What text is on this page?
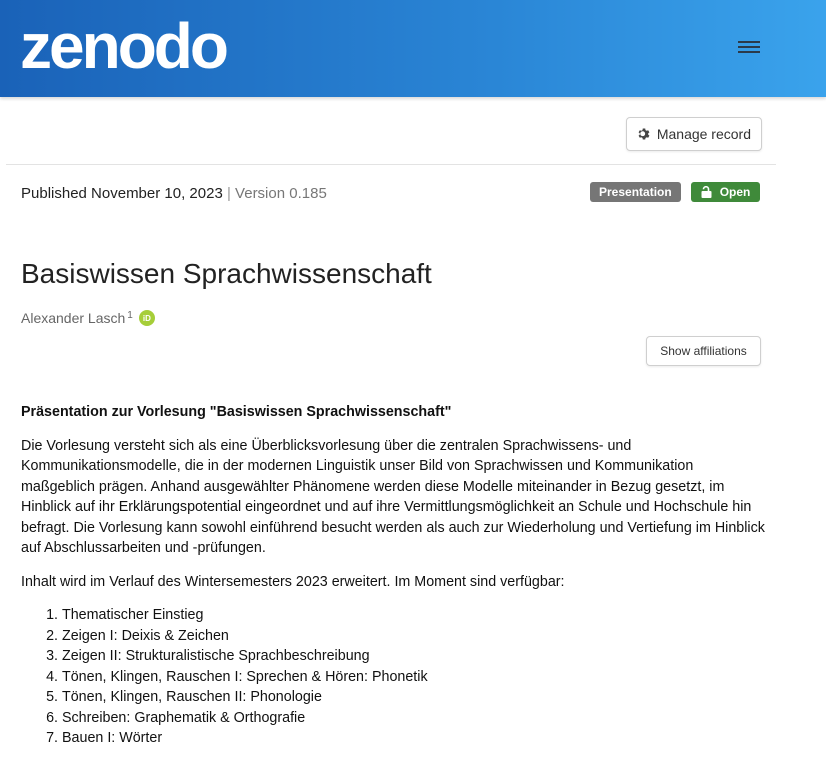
zenodo
Manage record
Published November 10, 2023 | Version 0.185	Presentation	Open
Basiswissen Sprachwissenschaft
Alexander Lasch$^1$	iD
Show affiliations

Präsentation zur Vorlesung "Basiswissen Sprachwissenschaft"

Die Vorlesung versteht sich als eine Überblicksvorlesung über die zentralen Sprachwissens- und Kommunikationsmodelle, die in der modernen Linguistik unser Bild von Sprachwissen und Kommunikation maßgeblich prägen. Anhand ausgewählter Phänomene werden diese Modelle miteinander in Bezug gesetzt, im Hinblick auf ihr Erklärungspotential eingeordnet und auf ihre Vermittlungsmöglichkeit an Schule und Hochschule hin befragt. Die Vorlesung kann sowohl einführend besucht werden als auch zur Wiederholung und Vertiefung im Hinblick auf Abschlussarbeiten und -prüfungen.

Inhalt wird im Verlauf des Wintersemesters 2023 erweitert. Im Moment sind verfügbar:

1. Thematischer Einstieg
2. Zeigen I: Deixis & Zeichen
3. Zeigen II: Strukturalistische Sprachbeschreibung
4. Tönen, Klingen, Rauschen I: Sprechen & Hören: Phonetik
5. Tönen, Klingen, Rauschen II: Phonologie
6. Schreiben: Graphematik & Orthografie
7. Bauen I: Wörter
